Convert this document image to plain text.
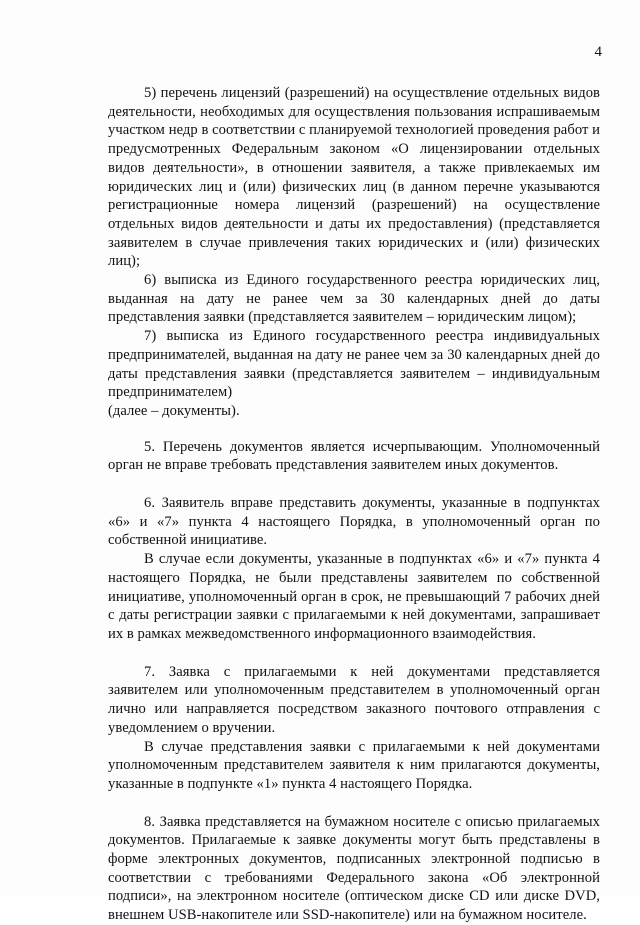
4

5) перечень лицензий (разрешений) на осуществление отдельных видов деятельности, необходимых для осуществления пользования испрашиваемым участком недр в соответствии с планируемой технологией проведения работ и предусмотренных Федеральным законом «О лицензировании отдельных видов деятельности», в отношении заявителя, а также привлекаемых им юридических лиц и (или) физических лиц (в данном перечне указываются регистрационные номера лицензий (разрешений) на осуществление отдельных видов деятельности и даты их предоставления) (представляется заявителем в случае привлечения таких юридических и (или) физических лиц);

6) выписка из Единого государственного реестра юридических лиц, выданная на дату не ранее чем за 30 календарных дней до даты представления заявки (представляется заявителем – юридическим лицом);

7) выписка из Единого государственного реестра индивидуальных предпринимателей, выданная на дату не ранее чем за 30 календарных дней до даты представления заявки (представляется заявителем – индивидуальным предпринимателем)

(далее – документы).

5. Перечень документов является исчерпывающим. Уполномоченный орган не вправе требовать представления заявителем иных документов.

6. Заявитель вправе представить документы, указанные в подпунктах «6» и «7» пункта 4 настоящего Порядка, в уполномоченный орган по собственной инициативе.

В случае если документы, указанные в подпунктах «6» и «7» пункта 4 настоящего Порядка, не были представлены заявителем по собственной инициативе, уполномоченный орган в срок, не превышающий 7 рабочих дней с даты регистрации заявки с прилагаемыми к ней документами, запрашивает их в рамках межведомственного информационного взаимодействия.

7. Заявка с прилагаемыми к ней документами представляется заявителем или уполномоченным представителем в уполномоченный орган лично или направляется посредством заказного почтового отправления с уведомлением о вручении.

В случае представления заявки с прилагаемыми к ней документами уполномоченным представителем заявителя к ним прилагаются документы, указанные в подпункте «1» пункта 4 настоящего Порядка.

8. Заявка представляется на бумажном носителе с описью прилагаемых документов. Прилагаемые к заявке документы могут быть представлены в форме электронных документов, подписанных электронной подписью в соответствии с требованиями Федерального закона «Об электронной подписи», на электронном носителе (оптическом диске CD или диске DVD, внешнем USB-накопителе или SSD-накопителе) или на бумажном носителе.
